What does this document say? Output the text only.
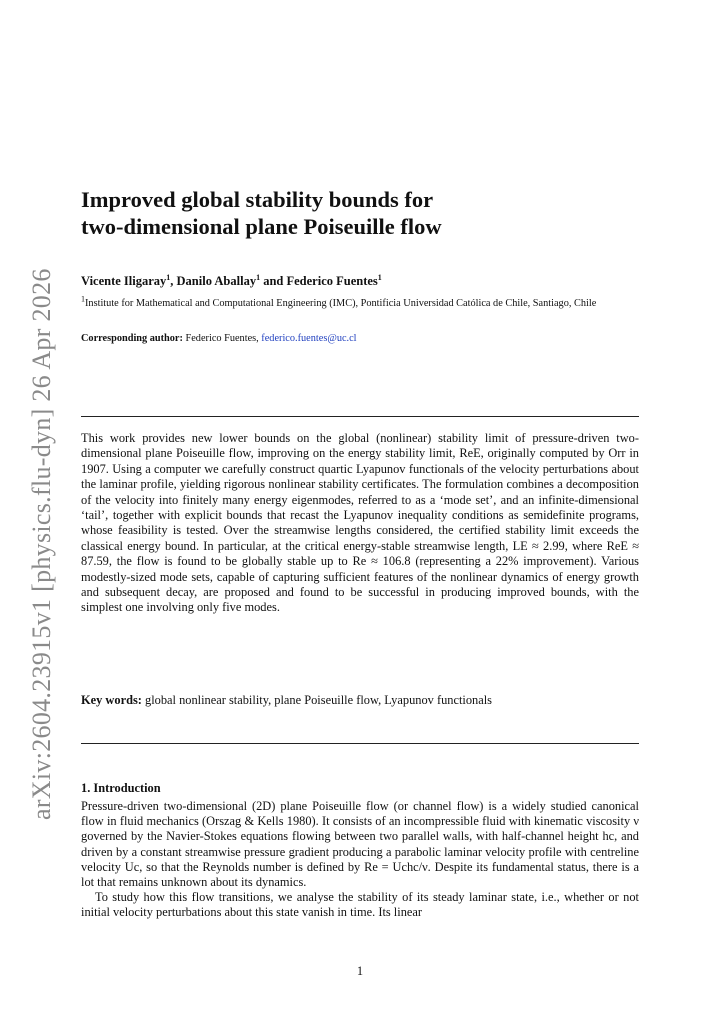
arXiv:2604.23915v1 [physics.flu-dyn] 26 Apr 2026
Improved global stability bounds for
two-dimensional plane Poiseuille flow
Vicente Iligaray$^1$, Danilo Aballay$^1$ and Federico Fuentes$^1$
$^1$Institute for Mathematical and Computational Engineering (IMC), Pontificia Universidad Católica de Chile, Santiago, Chile
Corresponding author: Federico Fuentes, federico.fuentes@uc.cl
This work provides new lower bounds on the global (nonlinear) stability limit of pressure-driven two-dimensional plane Poiseuille flow, improving on the energy stability limit, ReE, originally computed by Orr in 1907. Using a computer we carefully construct quartic Lyapunov functionals of the velocity perturbations about the laminar profile, yielding rigorous nonlinear stability certificates. The formulation combines a decomposition of the velocity into finitely many energy eigenmodes, referred to as a ‘mode set’, and an infinite-dimensional ‘tail’, together with explicit bounds that recast the Lyapunov inequality conditions as semidefinite programs, whose feasibility is tested. Over the streamwise lengths considered, the certified stability limit exceeds the classical energy bound. In particular, at the critical energy-stable streamwise length, LE ≈ 2.99, where ReE ≈ 87.59, the flow is found to be globally stable up to Re ≈ 106.8 (representing a 22% improvement). Various modestly-sized mode sets, capable of capturing sufficient features of the nonlinear dynamics of energy growth and subsequent decay, are proposed and found to be successful in producing improved bounds, with the simplest one involving only five modes.
Key words: global nonlinear stability, plane Poiseuille flow, Lyapunov functionals
1. Introduction

Pressure-driven two-dimensional (2D) plane Poiseuille flow (or channel flow) is a widely studied canonical flow in fluid mechanics (Orszag & Kells 1980). It consists of an incompressible fluid with kinematic viscosity ν governed by the Navier-Stokes equations flowing between two parallel walls, with half-channel height hc, and driven by a constant streamwise pressure gradient producing a parabolic laminar velocity profile with centreline velocity Uc, so that the Reynolds number is defined by Re = Uchc/ν. Despite its fundamental status, there is a lot that remains unknown about its dynamics.

To study how this flow transitions, we analyse the stability of its steady laminar state, i.e., whether or not initial velocity perturbations about this state vanish in time. Its linear

1
